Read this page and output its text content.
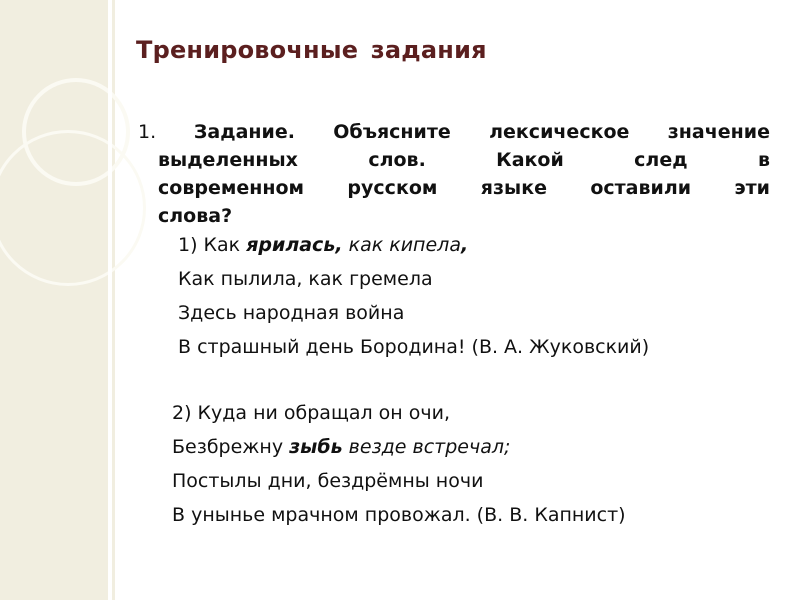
Тренировочные задания
1. Задание. Объясните лексическое значение
выделенных слов. Какой след в
современном русском языке оставили эти
слова?
1) Как ярилась, как кипела,
Как пылила, как гремела
Здесь народная война
В страшный день Бородина! (В. А. Жуковский)
2) Куда ни обращал он очи,
Безбрежну зыбь везде встречал;
Постылы дни, бездрёмны ночи
В унынье мрачном провожал. (В. В. Капнист)
